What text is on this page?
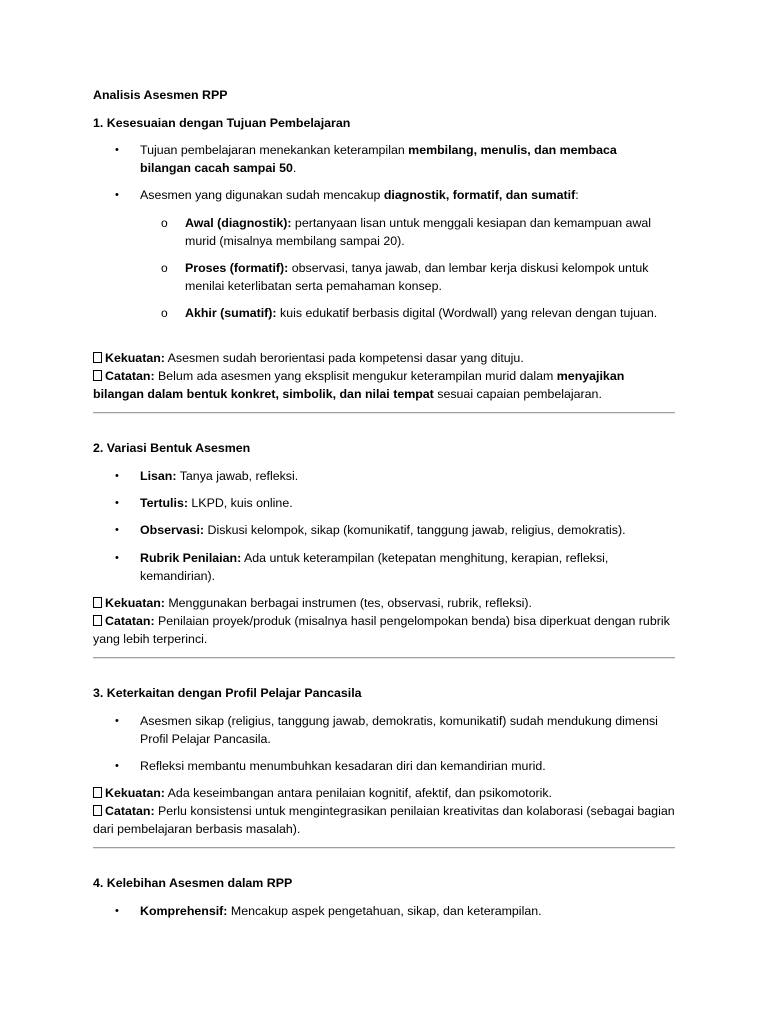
Analisis Asesmen RPP
1. Kesesuaian dengan Tujuan Pembelajaran
• Tujuan pembelajaran menekankan keterampilan membilang, menulis, dan membaca bilangan cacah sampai 50.
• Asesmen yang digunakan sudah mencakup diagnostik, formatif, dan sumatif:
o Awal (diagnostik): pertanyaan lisan untuk menggali kesiapan dan kemampuan awal murid (misalnya membilang sampai 20).
o Proses (formatif): observasi, tanya jawab, dan lembar kerja diskusi kelompok untuk menilai keterlibatan serta pemahaman konsep.
o Akhir (sumatif): kuis edukatif berbasis digital (Wordwall) yang relevan dengan tujuan.
Kekuatan: Asesmen sudah berorientasi pada kompetensi dasar yang dituju.
Catatan: Belum ada asesmen yang eksplisit mengukur keterampilan murid dalam menyajikan bilangan dalam bentuk konkret, simbolik, dan nilai tempat sesuai capaian pembelajaran.
2. Variasi Bentuk Asesmen
• Lisan: Tanya jawab, refleksi.
• Tertulis: LKPD, kuis online.
• Observasi: Diskusi kelompok, sikap (komunikatif, tanggung jawab, religius, demokratis).
• Rubrik Penilaian: Ada untuk keterampilan (ketepatan menghitung, kerapian, refleksi, kemandirian).
Kekuatan: Menggunakan berbagai instrumen (tes, observasi, rubrik, refleksi).
Catatan: Penilaian proyek/produk (misalnya hasil pengelompokan benda) bisa diperkuat dengan rubrik yang lebih terperinci.
3. Keterkaitan dengan Profil Pelajar Pancasila
• Asesmen sikap (religius, tanggung jawab, demokratis, komunikatif) sudah mendukung dimensi Profil Pelajar Pancasila.
• Refleksi membantu menumbuhkan kesadaran diri dan kemandirian murid.
Kekuatan: Ada keseimbangan antara penilaian kognitif, afektif, dan psikomotorik.
Catatan: Perlu konsistensi untuk mengintegrasikan penilaian kreativitas dan kolaborasi (sebagai bagian dari pembelajaran berbasis masalah).
4. Kelebihan Asesmen dalam RPP
• Komprehensif: Mencakup aspek pengetahuan, sikap, dan keterampilan.
